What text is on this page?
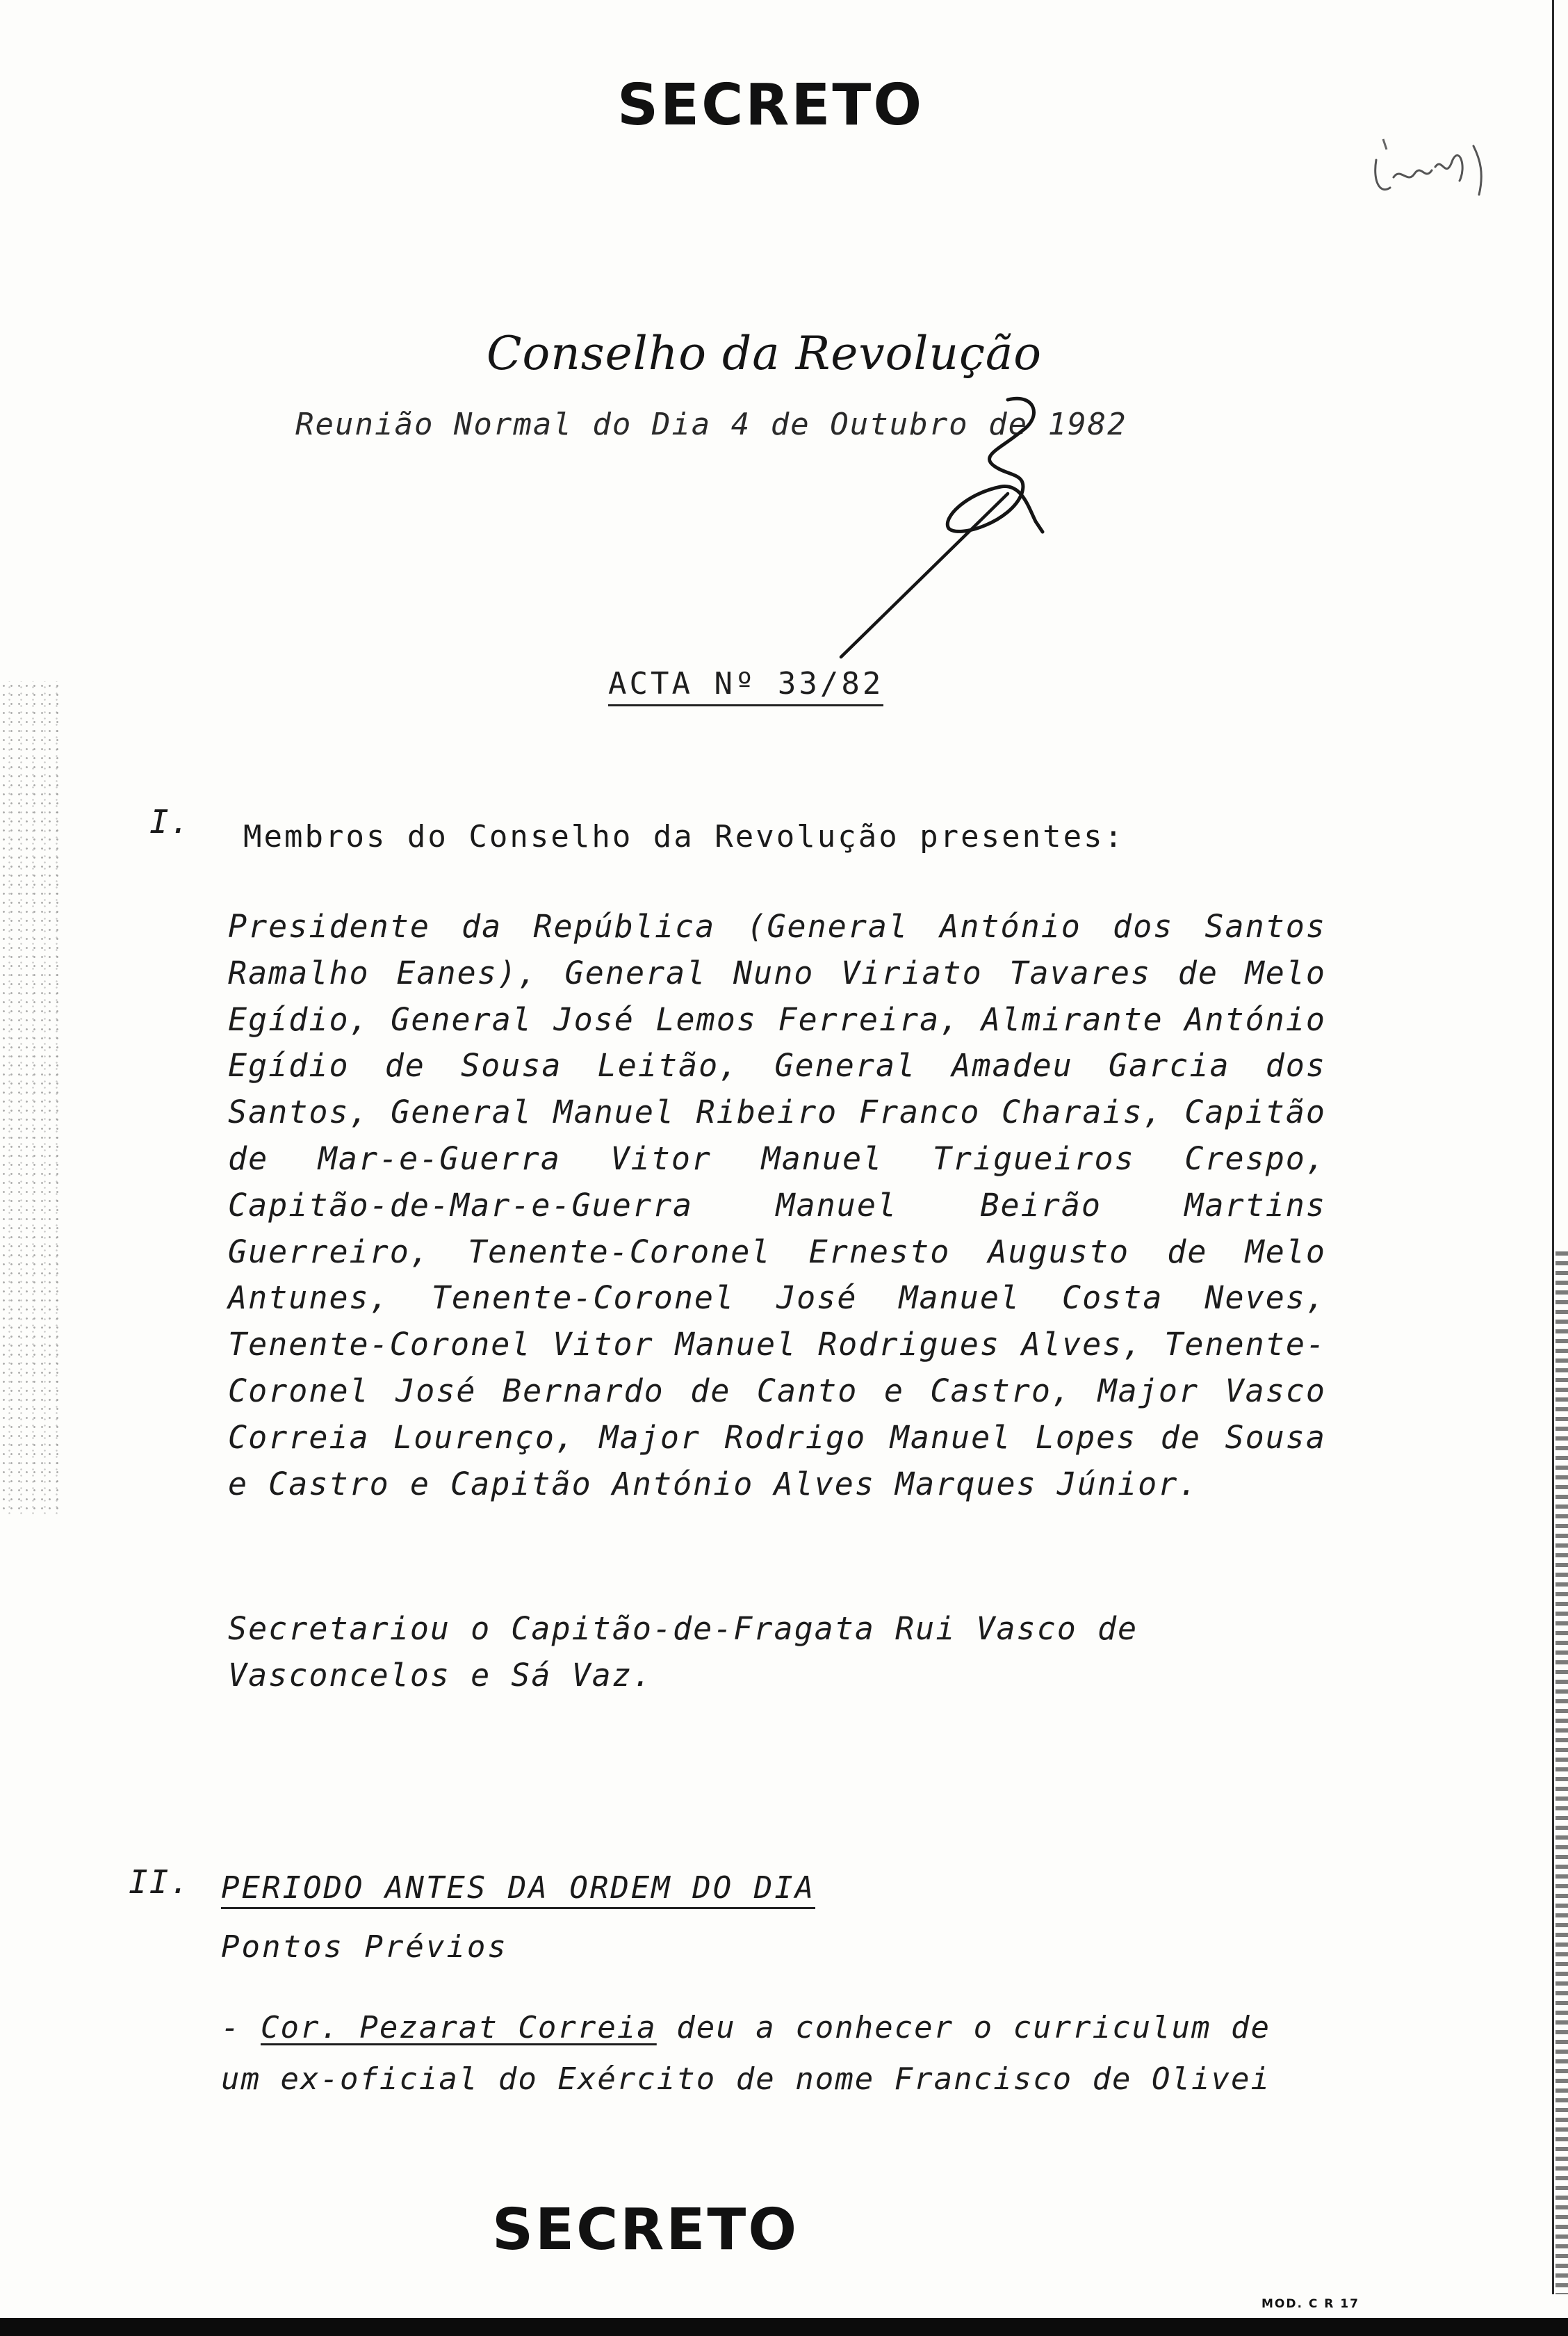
SECRETO
Conselho da Revolução
Reunião Normal do Dia 4 de Outubro de 1982
ACTA Nº 33/82
I. Membros do Conselho da Revolução presentes:
Presidente da República (General António dos Santos Ramalho Eanes), General Nuno Viriato Tavares de Melo Egídio, General José Lemos Ferreira, Almirante António Egídio de Sousa Leitão, General Amadeu Garcia dos Santos, General Manuel Ribeiro Franco Charais, Capitão de Mar-e-Guerra Vitor Manuel Trigueiros Crespo, Capitão-de-Mar-e-Guerra Manuel Beirão Martins Guerreiro, Tenente-Coronel Ernesto Augusto de Melo Antunes, Tenente-Coronel José Manuel Costa Neves, Tenente-Coronel Vitor Manuel Rodrigues Alves, Tenente-Coronel José Bernardo de Canto e Castro, Major Vasco Correia Lourenço, Major Rodrigo Manuel Lopes de Sousa e Castro e Capitão António Alves Marques Júnior.
Secretariou o Capitão-de-Fragata Rui Vasco de Vasconcelos e Sá Vaz.
II. PERIODO ANTES DA ORDEM DO DIA
Pontos Prévios
- Cor. Pezarat Correia deu a conhecer o curriculum de um ex-oficial do Exército de nome Francisco de Olivei
SECRETO
MOD. C R 17
